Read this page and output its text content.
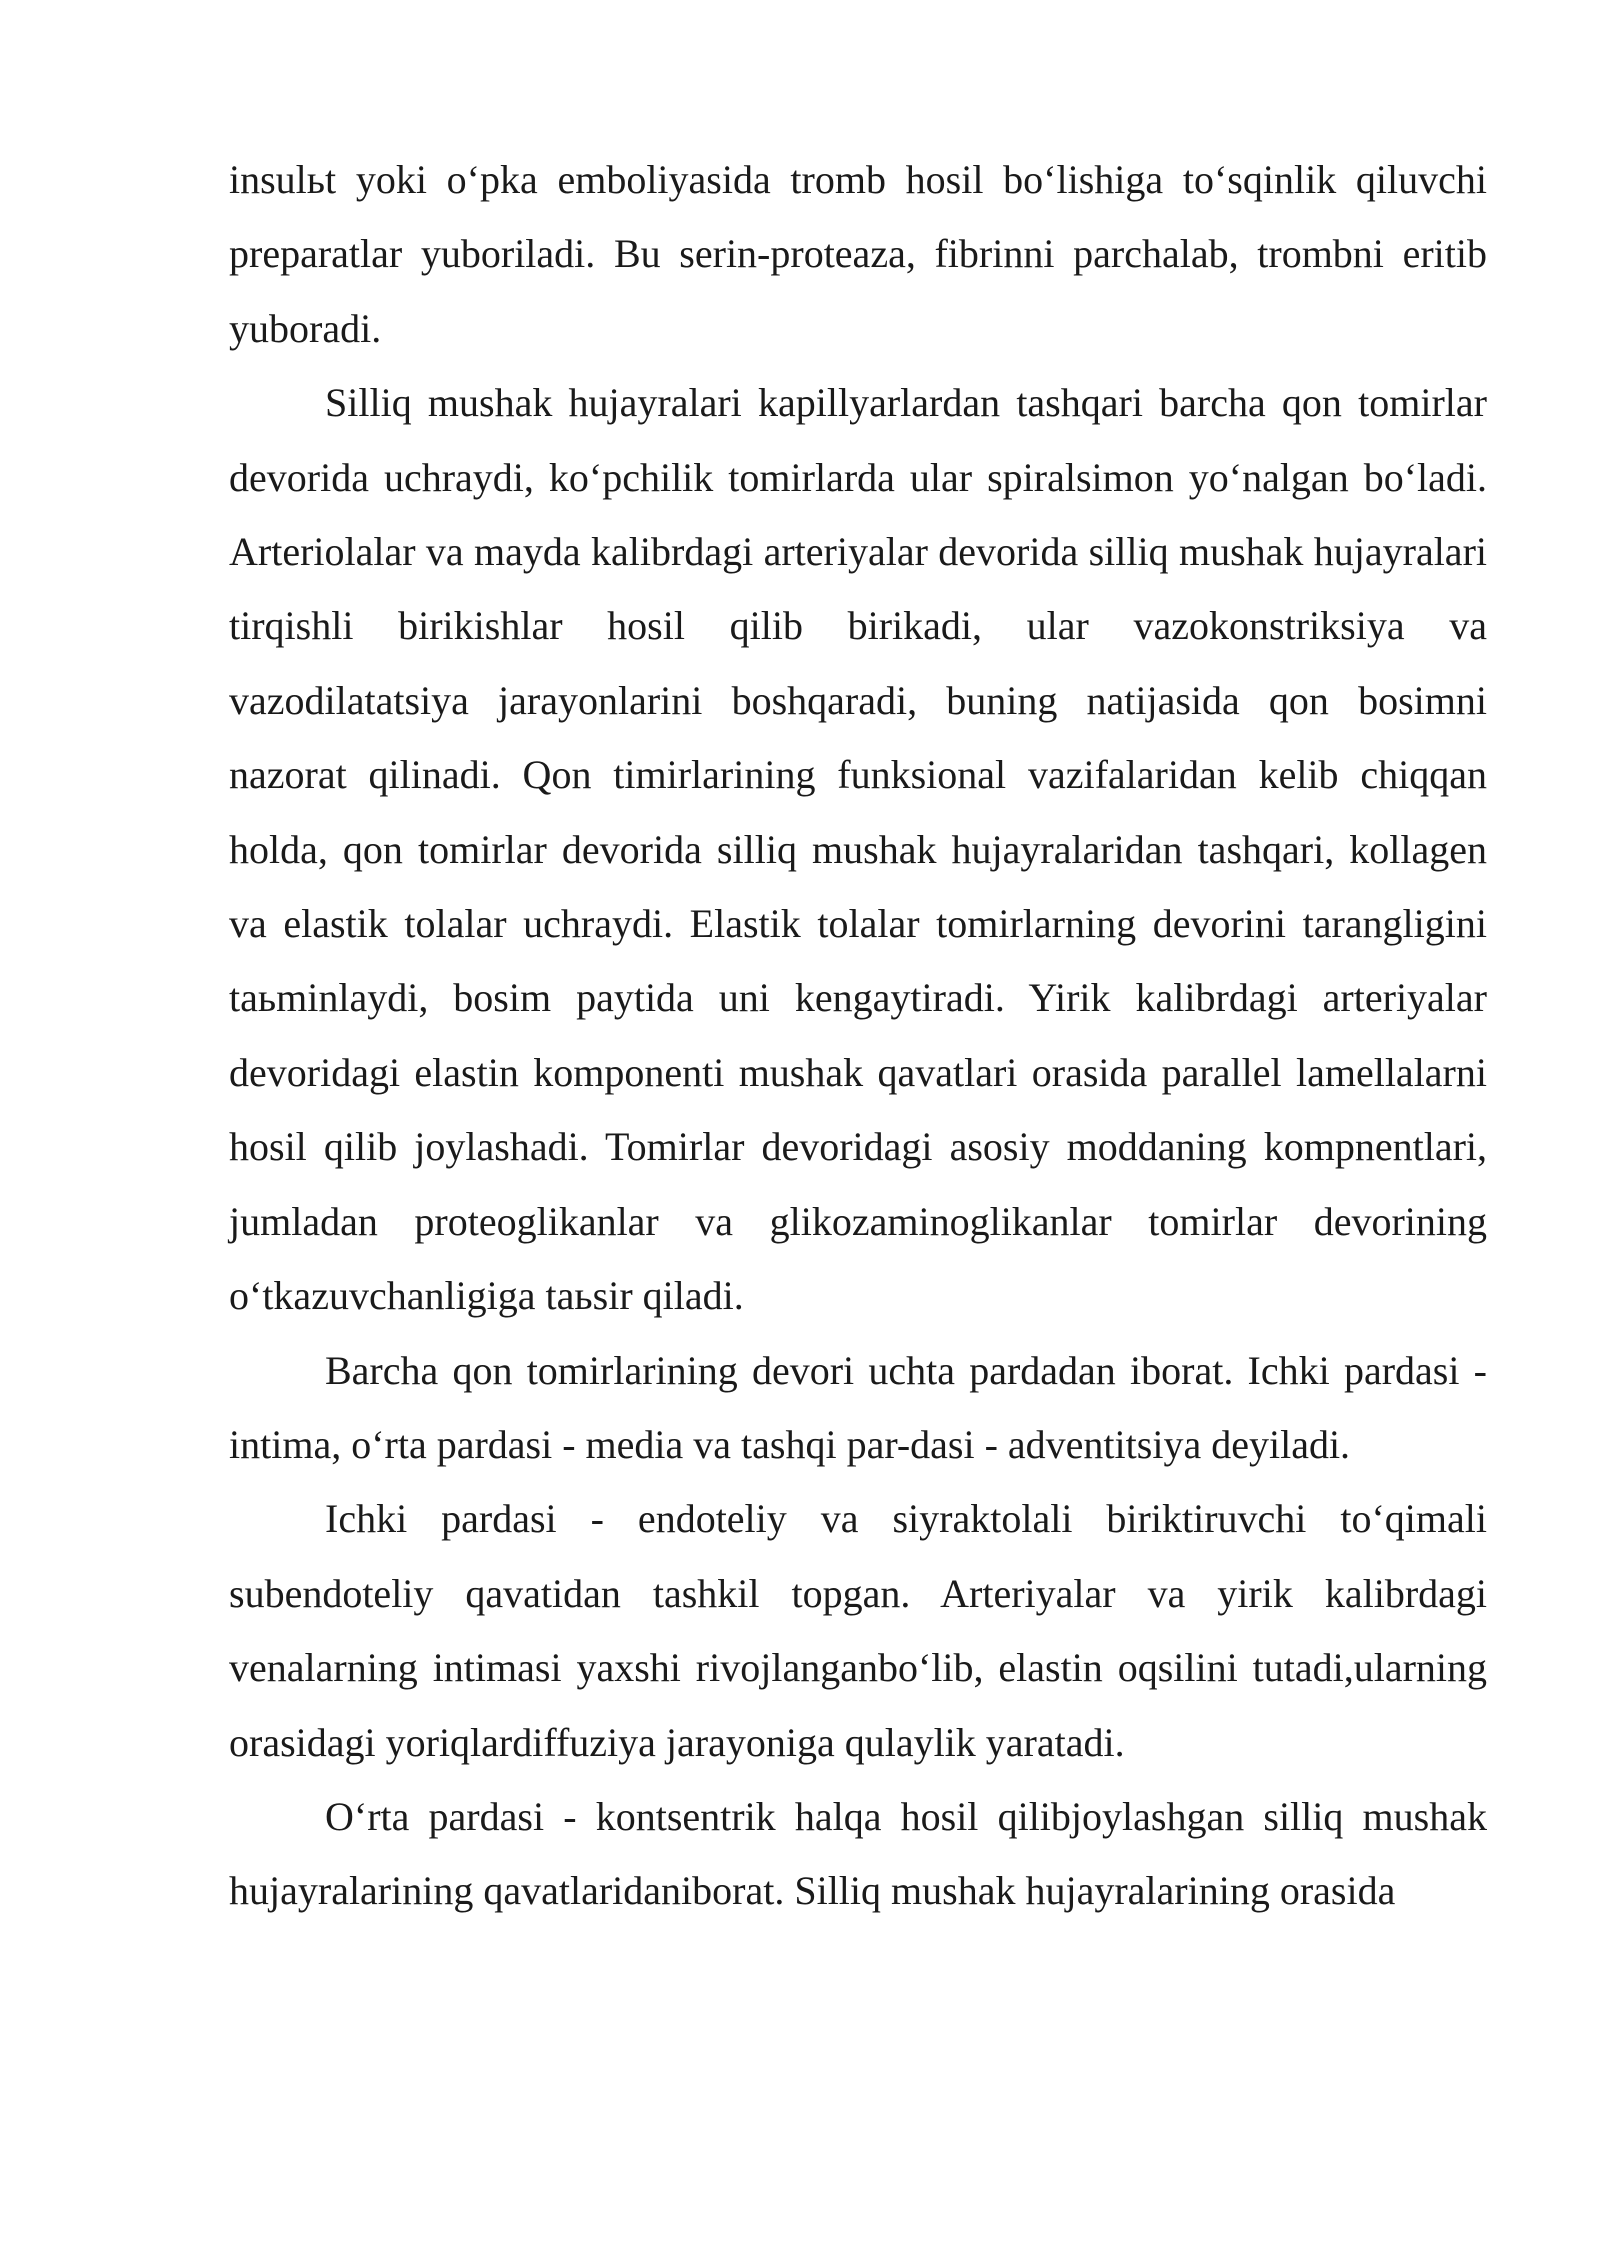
insulьt yoki o‘pka emboliyasida tromb hosil bo‘lishiga to‘sqinlik qiluvchi preparatlar yuboriladi. Bu serin-proteaza, fibrinni parchalab, trombni eritib yuboradi.

Silliq mushak hujayralari kapillyarlardan tashqari barcha qon tomirlar devorida uchraydi, ko‘pchilik tomirlarda ular spiralsimon yo‘nalgan bo‘ladi. Arteriolalar va mayda kalibrdagi arteriyalar devorida silliq mushak hujayralari tirqishli birikishlar hosil qilib birikadi, ular vazokonstriksiya va vazodilatatsiya jarayonlarini boshqaradi, buning natijasida qon bosimni nazorat qilinadi. Qon timirlarining funksional vazifalaridan kelib chiqqan holda, qon tomirlar devorida silliq mushak hujayralaridan tashqari, kollagen va elastik tolalar uchraydi. Elastik tolalar tomirlarning devorini tarangligini taьminlaydi, bosim paytida uni kengaytiradi. Yirik kalibrdagi arteriyalar devoridagi elastin komponenti mushak qavatlari orasida parallel lamellalarni hosil qilib joylashadi. Tomirlar devoridagi asosiy moddaning kompnentlari, jumladan proteoglikanlar va glikozaminoglikanlar tomirlar devorining o‘tkazuvchanligiga taьsir qiladi.

Barcha qon tomirlarining devori uchta pardadan iborat. Ichki pardasi - intima, o‘rta pardasi - media va tashqi par-dasi - adventitsiya deyiladi.

Ichki pardasi - endoteliy va siyraktolali biriktiruvchi to‘qimali subendoteliy qavatidan tashkil topgan. Arteriyalar va yirik kalibrdagi venalarning intimasi yaxshi rivojlanganbo‘lib, elastin oqsilini tutadi,ularning orasidagi yoriqlardiffuziya jarayoniga qulaylik yaratadi.

O‘rta pardasi - kontsentrik halqa hosil qilibjoylashgan silliq mushak hujayralarining qavatlaridaniborat. Silliq mushak hujayralarining orasida
